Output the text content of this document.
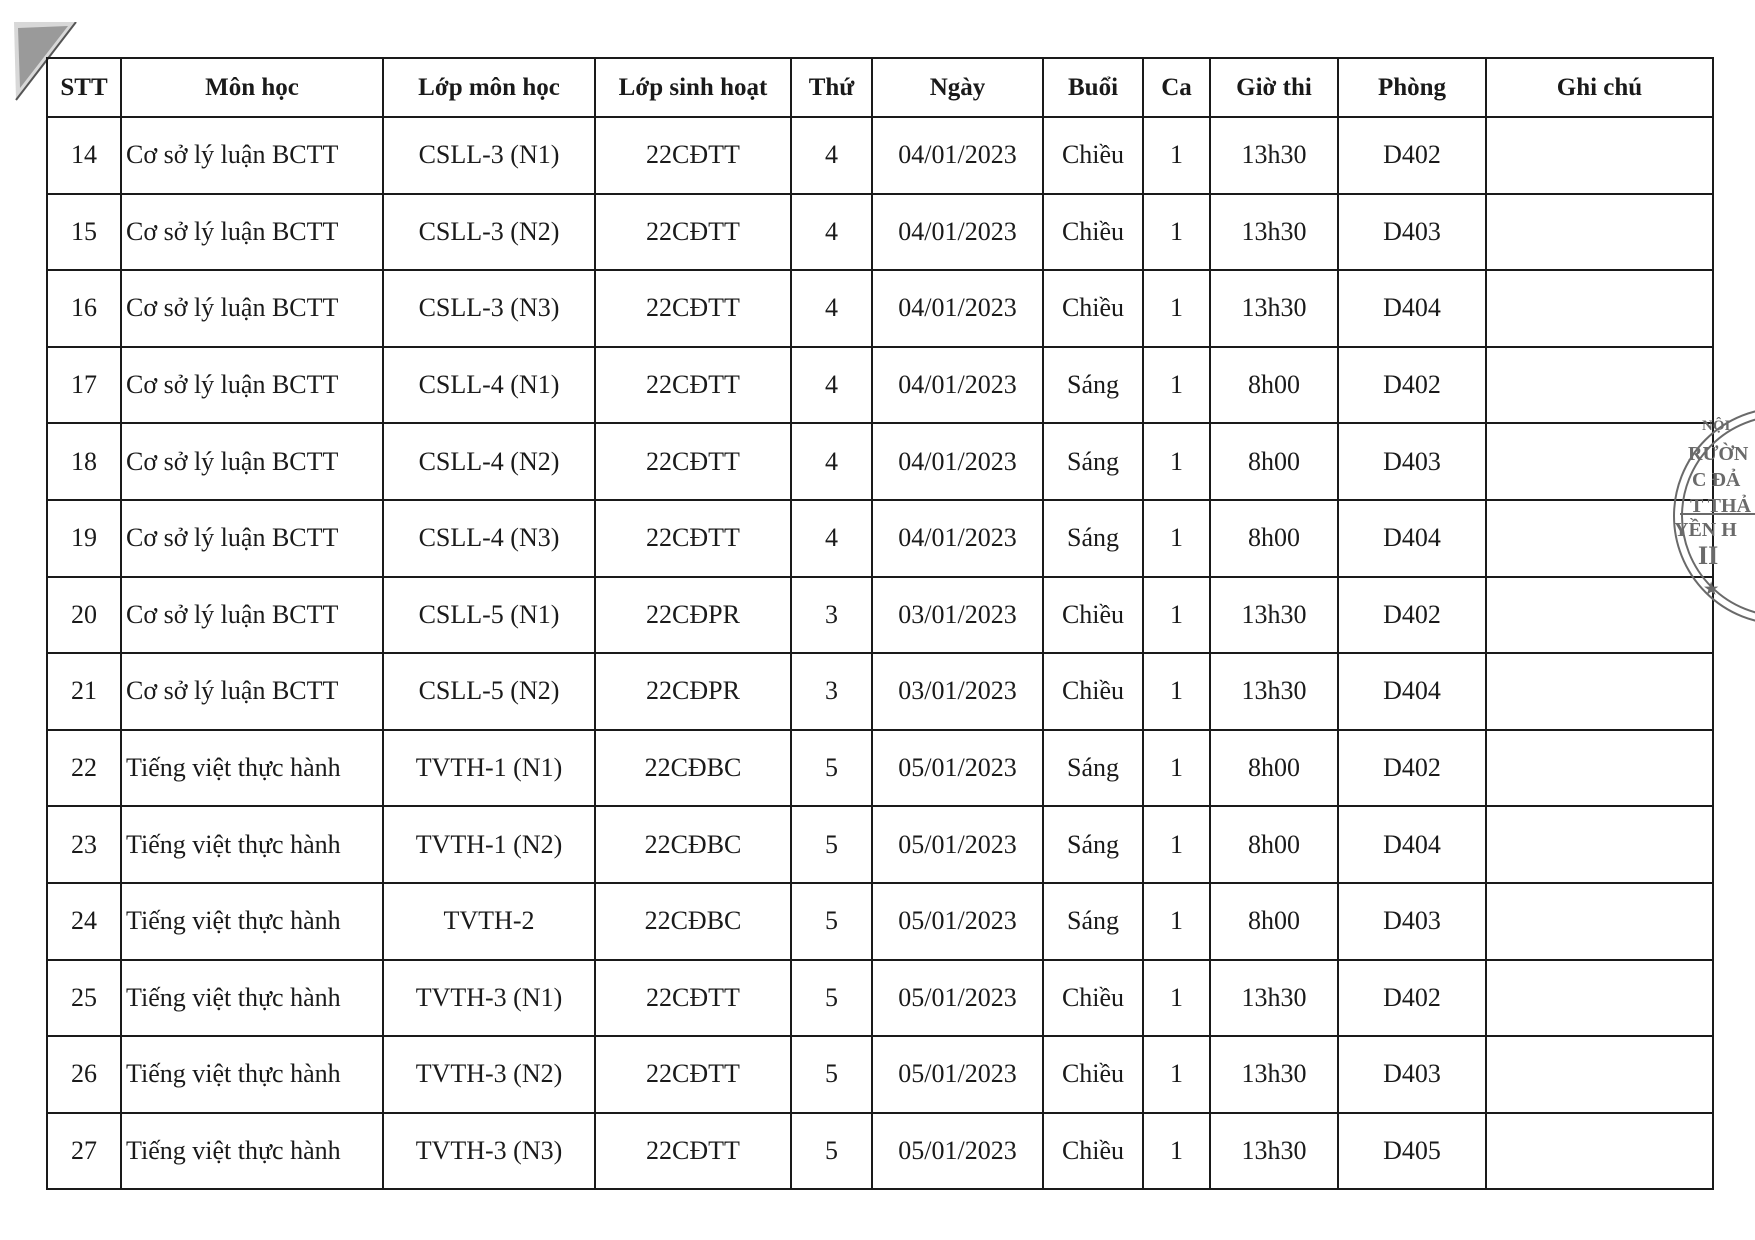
STT	Môn học	Lớp môn học	Lớp sinh hoạt	Thứ	Ngày	Buổi	Ca	Giờ thi	Phòng	Ghi chú
14	Cơ sở lý luận BCTT	CSLL-3 (N1)	22CĐTT	4	04/01/2023	Chiều	1	13h30	D402	
15	Cơ sở lý luận BCTT	CSLL-3 (N2)	22CĐTT	4	04/01/2023	Chiều	1	13h30	D403	
16	Cơ sở lý luận BCTT	CSLL-3 (N3)	22CĐTT	4	04/01/2023	Chiều	1	13h30	D404	
17	Cơ sở lý luận BCTT	CSLL-4 (N1)	22CĐTT	4	04/01/2023	Sáng	1	8h00	D402	
18	Cơ sở lý luận BCTT	CSLL-4 (N2)	22CĐTT	4	04/01/2023	Sáng	1	8h00	D403	
19	Cơ sở lý luận BCTT	CSLL-4 (N3)	22CĐTT	4	04/01/2023	Sáng	1	8h00	D404	
20	Cơ sở lý luận BCTT	CSLL-5 (N1)	22CĐPR	3	03/01/2023	Chiều	1	13h30	D402	
21	Cơ sở lý luận BCTT	CSLL-5 (N2)	22CĐPR	3	03/01/2023	Chiều	1	13h30	D404	
22	Tiếng việt thực hành	TVTH-1 (N1)	22CĐBC	5	05/01/2023	Sáng	1	8h00	D402	
23	Tiếng việt thực hành	TVTH-1 (N2)	22CĐBC	5	05/01/2023	Sáng	1	8h00	D404	
24	Tiếng việt thực hành	TVTH-2	22CĐBC	5	05/01/2023	Sáng	1	8h00	D403	
25	Tiếng việt thực hành	TVTH-3 (N1)	22CĐTT	5	05/01/2023	Chiều	1	13h30	D402	
26	Tiếng việt thực hành	TVTH-3 (N2)	22CĐTT	5	05/01/2023	Chiều	1	13h30	D403	
27	Tiếng việt thực hành	TVTH-3 (N3)	22CĐTT	5	05/01/2023	Chiều	1	13h30	D405	
NỘI
RƯỜN
C ĐẢ
T THẢ
YỀN H
II
★
